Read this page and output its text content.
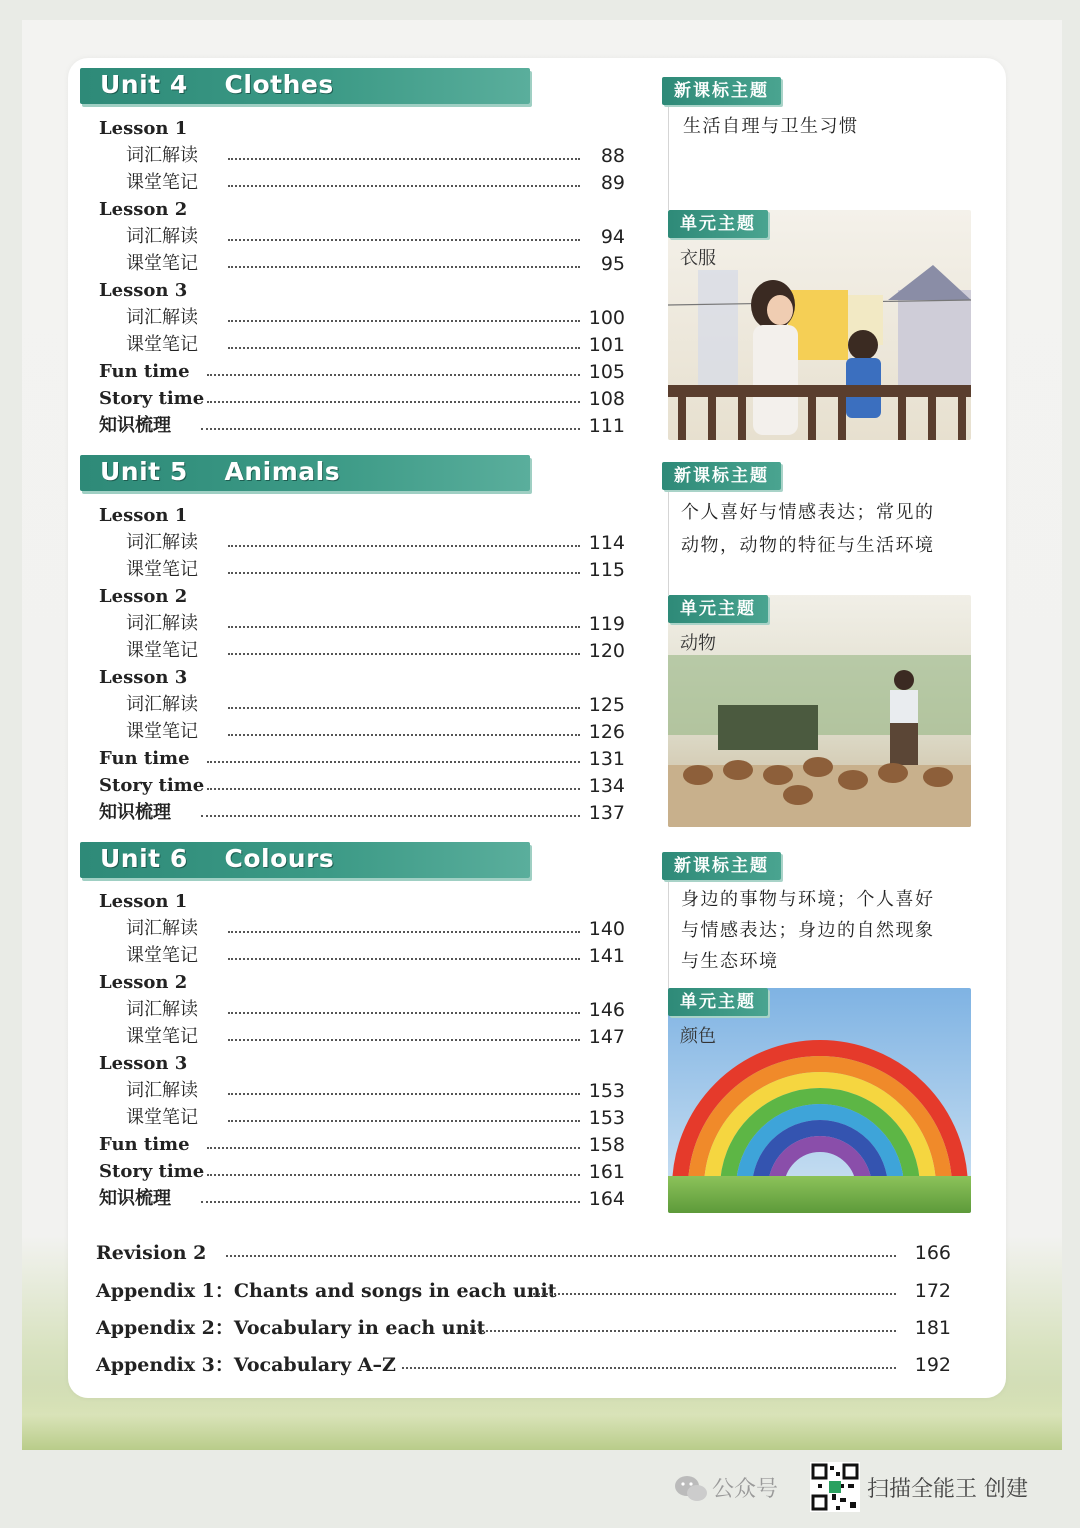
Unit 4    Clothes
Lesson 1
词汇解读	88
课堂笔记	89
Lesson 2
词汇解读	94
课堂笔记	95
Lesson 3
词汇解读	100
课堂笔记	101
Fun time	105
Story time	108
知识梳理	111
新课标主题
生活自理与卫生习惯
单元主题
衣服
Unit 5    Animals
Lesson 1
词汇解读	114
课堂笔记	115
Lesson 2
词汇解读	119
课堂笔记	120
Lesson 3
词汇解读	125
课堂笔记	126
Fun time	131
Story time	134
知识梳理	137
新课标主题
个人喜好与情感表达；常见的
动物，动物的特征与生活环境
单元主题
动物
Unit 6    Colours
Lesson 1
词汇解读	140
课堂笔记	141
Lesson 2
词汇解读	146
课堂笔记	147
Lesson 3
词汇解读	153
课堂笔记	153
Fun time	158
Story time	161
知识梳理	164
新课标主题
身边的事物与环境；个人喜好
与情感表达；身边的自然现象
与生态环境
单元主题
颜色
Revision 2	166
Appendix 1：Chants and songs in each unit	172
Appendix 2：Vocabulary in each unit	181
Appendix 3：Vocabulary A–Z	192
公众号	扫描全能王 创建
